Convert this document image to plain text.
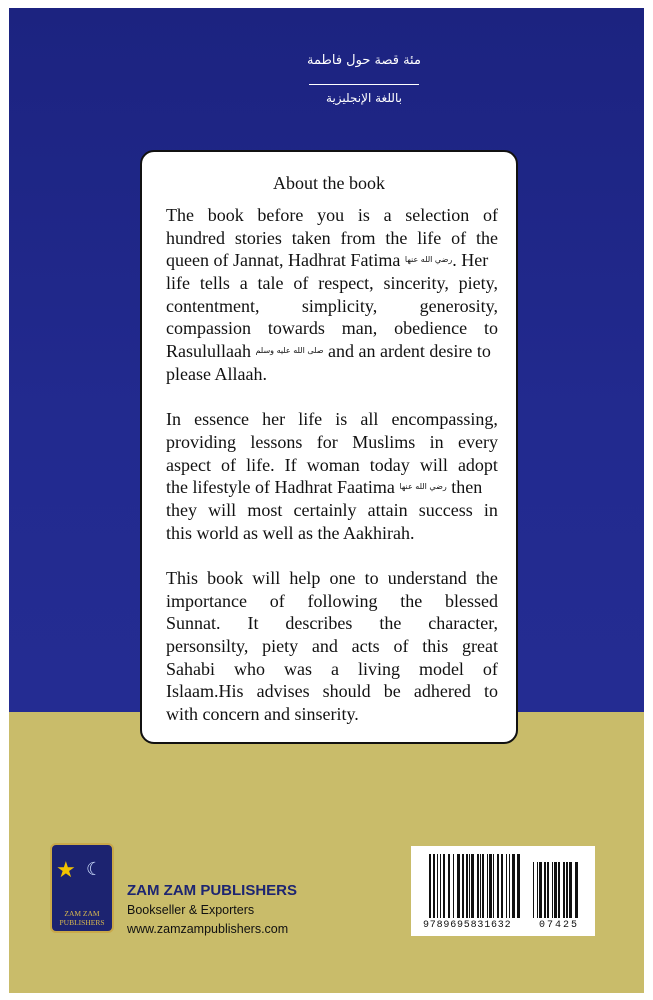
مئة قصة حول فاطمة
باللغة الإنجليزية
About the book
The book before you is a selection of
hundred stories taken from the life of the
queen of Jannat, Hadhrat Fatima
رضي الله عنها . Her
life tells a tale of respect, sincerity, piety,
contentment, simplicity, generosity,
compassion towards man, obedience to
Rasulullaah
صلى الله عليه وسلم
and an ardent desire to
please Allaah.
In essence her life is all encompassing,
providing lessons for Muslims in every
aspect of life. If woman today will adopt
the lifestyle of Hadhrat Faatima
رضي الله عنها
then
they will most certainly attain success in
this world as well as the Aakhirah.
This book will help one to understand the
importance of following the blessed
Sunnat. It describes the character,
personsilty, piety and acts of this great
Sahabi who was a living model of
Islaam.His advises should be adhered to
with concern and sinserity.
★ ☾
ZAM ZAM
PUBLISHERS
ZAM ZAM PUBLISHERS
Bookseller & Exporters
www.zamzampublishers.com	9789695831632	07425
